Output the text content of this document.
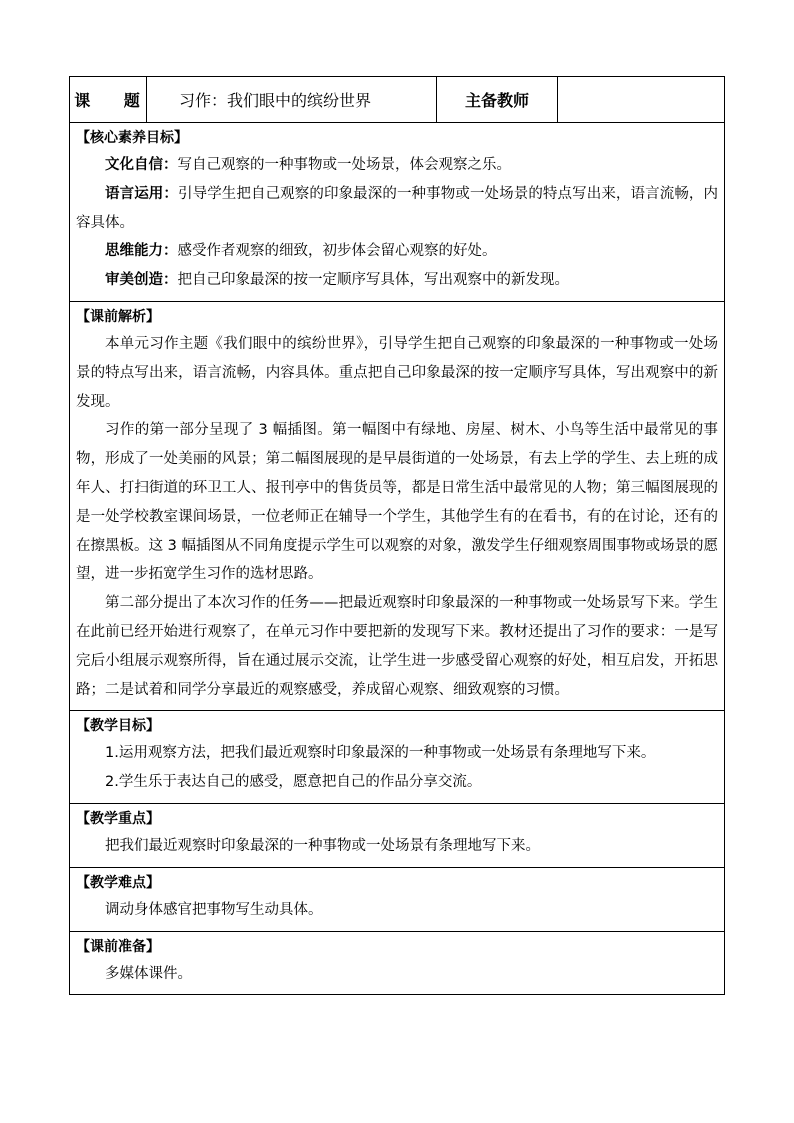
课 题	习作：我们眼中的缤纷世界	主备教师
【核心素养目标】

文化自信：写自己观察的一种事物或一处场景，体会观察之乐。

语言运用：引导学生把自己观察的印象最深的一种事物或一处场景的特点写出来，语言流畅，内容具体。

思维能力：感受作者观察的细致，初步体会留心观察的好处。

审美创造：把自己印象最深的按一定顺序写具体，写出观察中的新发现。

【课前解析】

本单元习作主题《我们眼中的缤纷世界》，引导学生把自己观察的印象最深的一种事物或一处场景的特点写出来，语言流畅，内容具体。重点把自己印象最深的按一定顺序写具体，写出观察中的新发现。

习作的第一部分呈现了 3 幅插图。第一幅图中有绿地、房屋、树木、小鸟等生活中最常见的事物，形成了一处美丽的风景；第二幅图展现的是早晨街道的一处场景，有去上学的学生、去上班的成年人、打扫街道的环卫工人、报刊亭中的售货员等，都是日常生活中最常见的人物；第三幅图展现的是一处学校教室课间场景，一位老师正在辅导一个学生，其他学生有的在看书，有的在讨论，还有的在擦黑板。这 3 幅插图从不同角度提示学生可以观察的对象，激发学生仔细观察周围事物或场景的愿望，进一步拓宽学生习作的选材思路。

第二部分提出了本次习作的任务——把最近观察时印象最深的一种事物或一处场景写下来。学生在此前已经开始进行观察了，在单元习作中要把新的发现写下来。教材还提出了习作的要求：一是写完后小组展示观察所得，旨在通过展示交流，让学生进一步感受留心观察的好处，相互启发，开拓思路；二是试着和同学分享最近的观察感受，养成留心观察、细致观察的习惯。

【教学目标】

1.运用观察方法，把我们最近观察时印象最深的一种事物或一处场景有条理地写下来。

2.学生乐于表达自己的感受，愿意把自己的作品分享交流。

【教学重点】

把我们最近观察时印象最深的一种事物或一处场景有条理地写下来。

【教学难点】

调动身体感官把事物写生动具体。

【课前准备】

多媒体课件。
